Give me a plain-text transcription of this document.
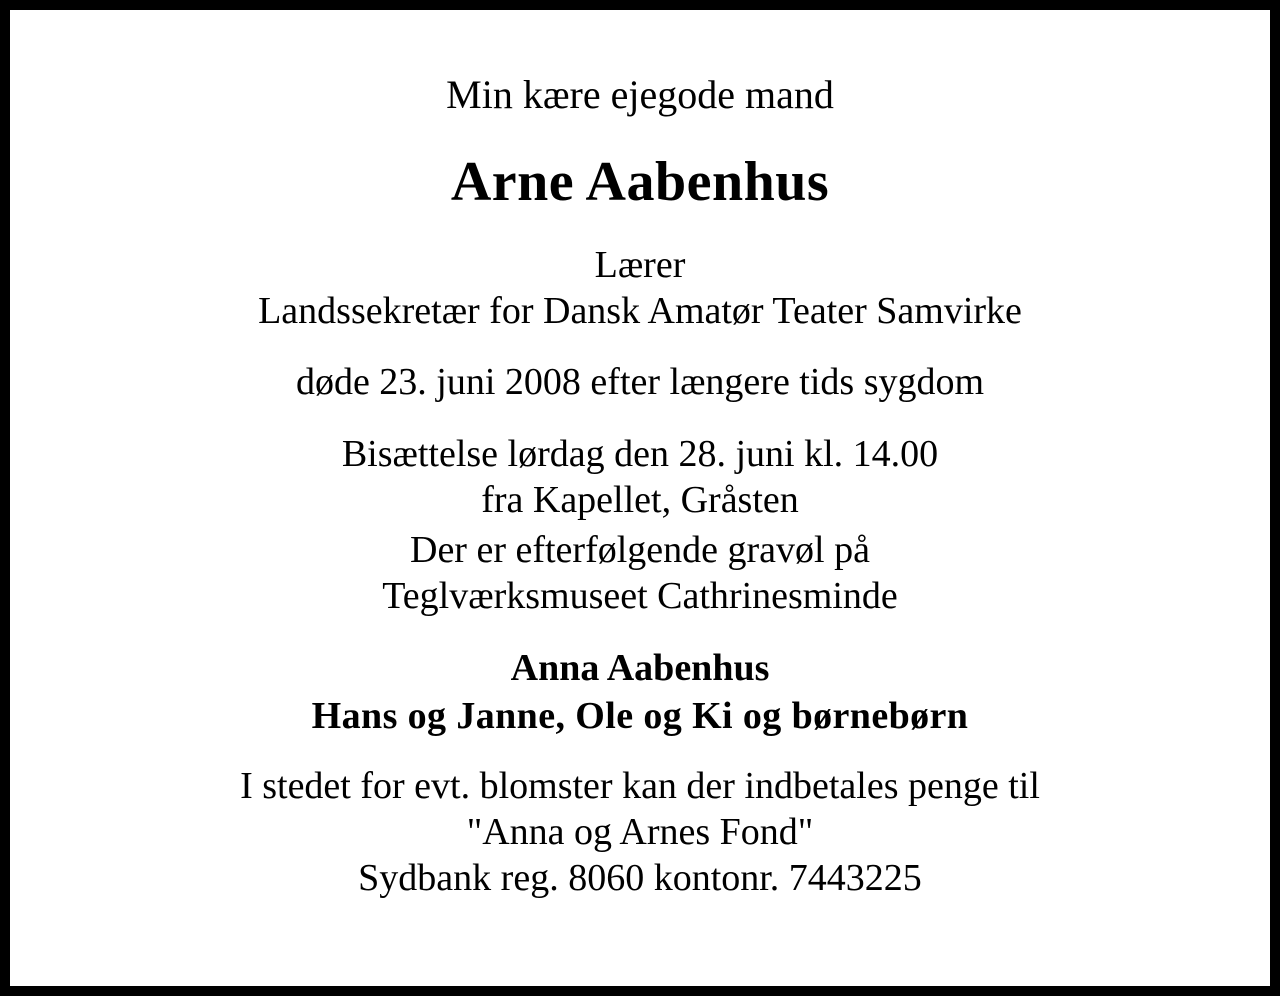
Min kære ejegode mand
Arne Aabenhus
Lærer
Landssekretær for Dansk Amatør Teater Samvirke
døde 23. juni 2008 efter længere tids sygdom
Bisættelse lørdag den 28. juni kl. 14.00
fra Kapellet, Gråsten
Der er efterfølgende gravøl på
Teglværksmuseet Cathrinesminde
Anna Aabenhus
Hans og Janne, Ole og Ki og børnebørn
I stedet for evt. blomster kan der indbetales penge til
"Anna og Arnes Fond"
Sydbank reg. 8060 kontonr. 7443225
